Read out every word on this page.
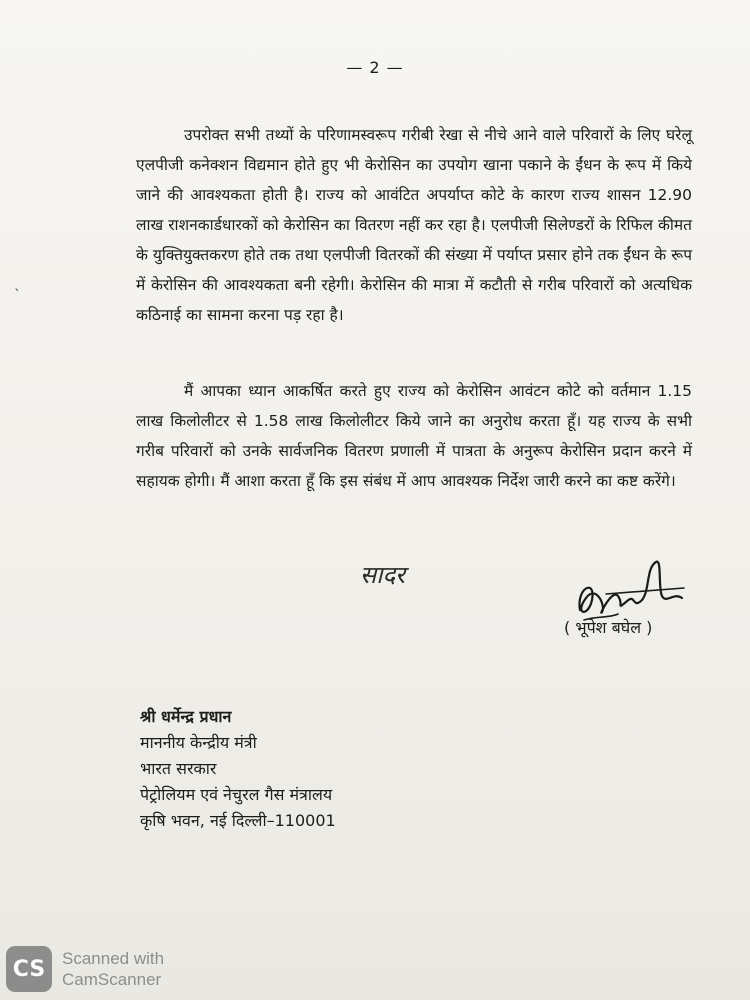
— 2 —
`

उपरोक्त सभी तथ्यों के परिणामस्वरूप गरीबी रेखा से नीचे आने वाले परिवारों के लिए घरेलू एलपीजी कनेक्शन विद्यमान होते हुए भी केरोसिन का उपयोग खाना पकाने के ईंधन के रूप में किये जाने की आवश्यकता होती है। राज्य को आवंटित अपर्याप्त कोटे के कारण राज्य शासन 12.90 लाख राशनकार्डधारकों को केरोसिन का वितरण नहीं कर रहा है। एलपीजी सिलेण्डरों के रिफिल कीमत के युक्तियुक्तकरण होते तक तथा एलपीजी वितरकों की संख्या में पर्याप्त प्रसार होने तक ईंधन के रूप में केरोसिन की आवश्यकता बनी रहेगी। केरोसिन की मात्रा में कटौती से गरीब परिवारों को अत्यधिक कठिनाई का सामना करना पड़ रहा है।

मैं आपका ध्यान आकर्षित करते हुए राज्य को केरोसिन आवंटन कोटे को वर्तमान 1.15 लाख किलोलीटर से 1.58 लाख किलोलीटर किये जाने का अनुरोध करता हूँ। यह राज्य के सभी गरीब परिवारों को उनके सार्वजनिक वितरण प्रणाली में पात्रता के अनुरूप केरोसिन प्रदान करने में सहायक होगी। मैं आशा करता हूँ कि इस संबंध में आप आवश्यक निर्देश जारी करने का कष्ट करेंगे।

सादर
( भूपेश बघेल )
श्री धर्मेन्द्र प्रधान
माननीय केन्द्रीय मंत्री
भारत सरकार
पेट्रोलियम एवं नेचुरल गैस मंत्रालय
कृषि भवन, नई दिल्ली–110001
CS Scanned with
CamScanner
